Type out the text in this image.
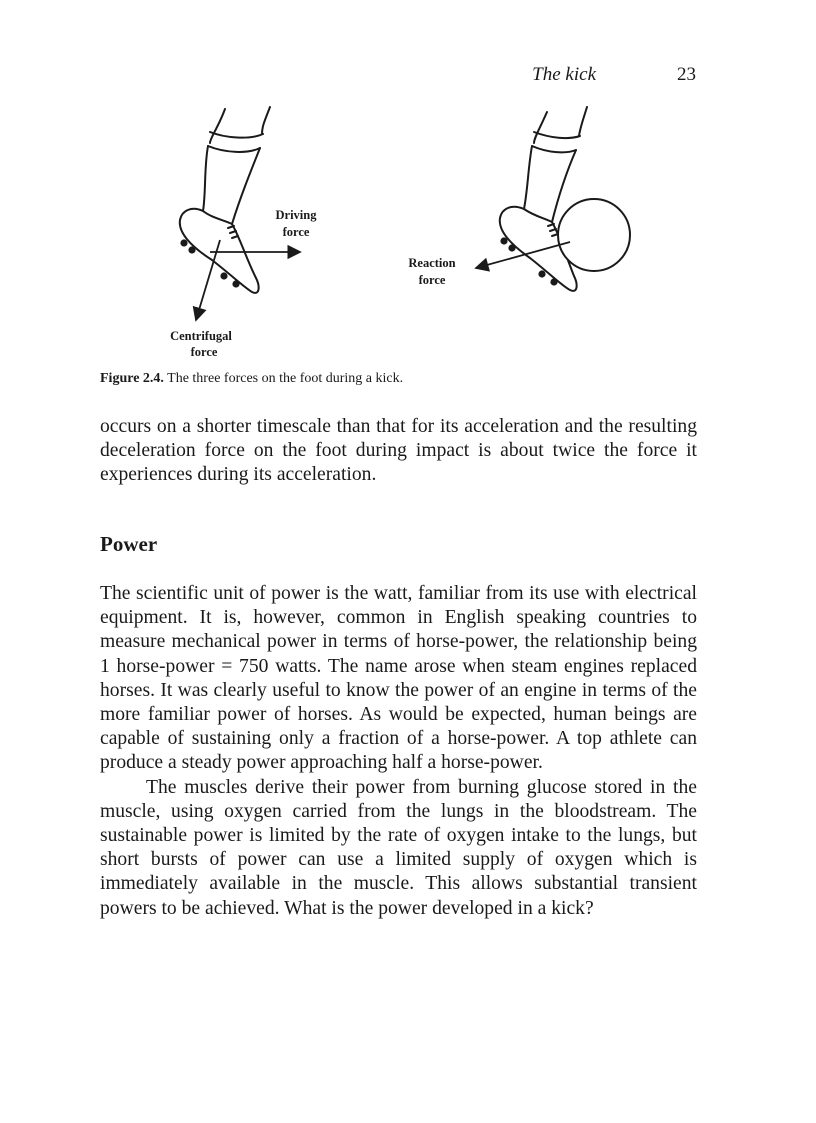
The kick	23
Driving
force
Centrifugal
force
Reaction
force
Figure 2.4. The three forces on the foot during a kick.

occurs on a shorter timescale than that for its acceleration and the resulting deceleration force on the foot during impact is about twice the force it experiences during its acceleration.

Power

The scientific unit of power is the watt, familiar from its use with electrical equipment. It is, however, common in English speaking countries to measure mechanical power in terms of horse-power, the relationship being 1 horse-power = 750 watts. The name arose when steam engines replaced horses. It was clearly useful to know the power of an engine in terms of the more familiar power of horses. As would be expected, human beings are capable of sustaining only a fraction of a horse-power. A top athlete can produce a steady power approaching half a horse-power.

The muscles derive their power from burning glucose stored in the muscle, using oxygen carried from the lungs in the bloodstream. The sustainable power is limited by the rate of oxygen intake to the lungs, but short bursts of power can use a limited supply of oxygen which is immediately available in the muscle. This allows substantial transient powers to be achieved. What is the power developed in a kick?
